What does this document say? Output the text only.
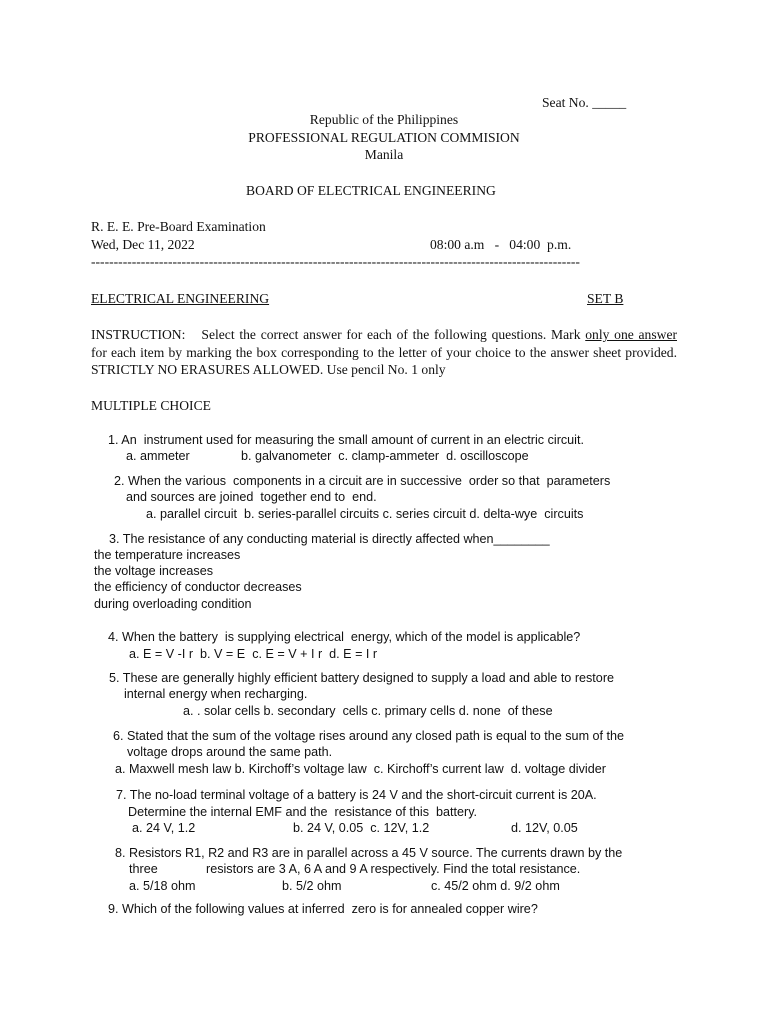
Seat No. _____
Republic of the Philippines
PROFESSIONAL REGULATION COMMISION
Manila
BOARD OF ELECTRICAL ENGINEERING
R. E. E. Pre-Board Examination
Wed, Dec 11, 2022	08:00 a.m   -   04:00  p.m.
------------------------------------------------------------------------------------------------------------
ELECTRICAL ENGINEERING	SET B
INSTRUCTION: Select the correct answer for each of the following questions. Mark only one answer for each item by marking the box corresponding to the letter of your choice to the answer sheet provided. STRICTLY NO ERASURES ALLOWED. Use pencil No. 1 only
MULTIPLE CHOICE
1. An  instrument used for measuring the small amount of current in an electric circuit.
a. ammeter	b. galvanometer  c. clamp-ammeter  d. oscilloscope
2. When the various  components in a circuit are in successive  order so that  parameters
and sources are joined  together end to  end.
a. parallel circuit  b. series-parallel circuits c. series circuit d. delta-wye  circuits
3. The resistance of any conducting material is directly affected when________
the temperature increases
the voltage increases
the efficiency of conductor decreases
during overloading condition
4. When the battery  is supplying electrical  energy, which of the model is applicable?
a. E = V -I r  b. V = E  c. E = V + I r  d. E = I r
5. These are generally highly efficient battery designed to supply a load and able to restore
internal energy when recharging.
a. . solar cells b. secondary  cells c. primary cells d. none  of these
6. Stated that the sum of the voltage rises around any closed path is equal to the sum of the
voltage drops around the same path.
a. Maxwell mesh law b. Kirchoff’s voltage law  c. Kirchoff’s current law  d. voltage divider
7. The no-load terminal voltage of a battery is 24 V and the short-circuit current is 20A.
Determine the internal EMF and the  resistance of this  battery.
a. 24 V, 1.2	b. 24 V, 0.05  c. 12V, 1.2	d. 12V, 0.05
8. Resistors R1, R2 and R3 are in parallel across a 45 V source. The currents drawn by the
three	resistors are 3 A, 6 A and 9 A respectively. Find the total resistance.
a. 5/18 ohm	b. 5/2 ohm	c. 45/2 ohm d. 9/2 ohm
9. Which of the following values at inferred  zero is for annealed copper wire?
